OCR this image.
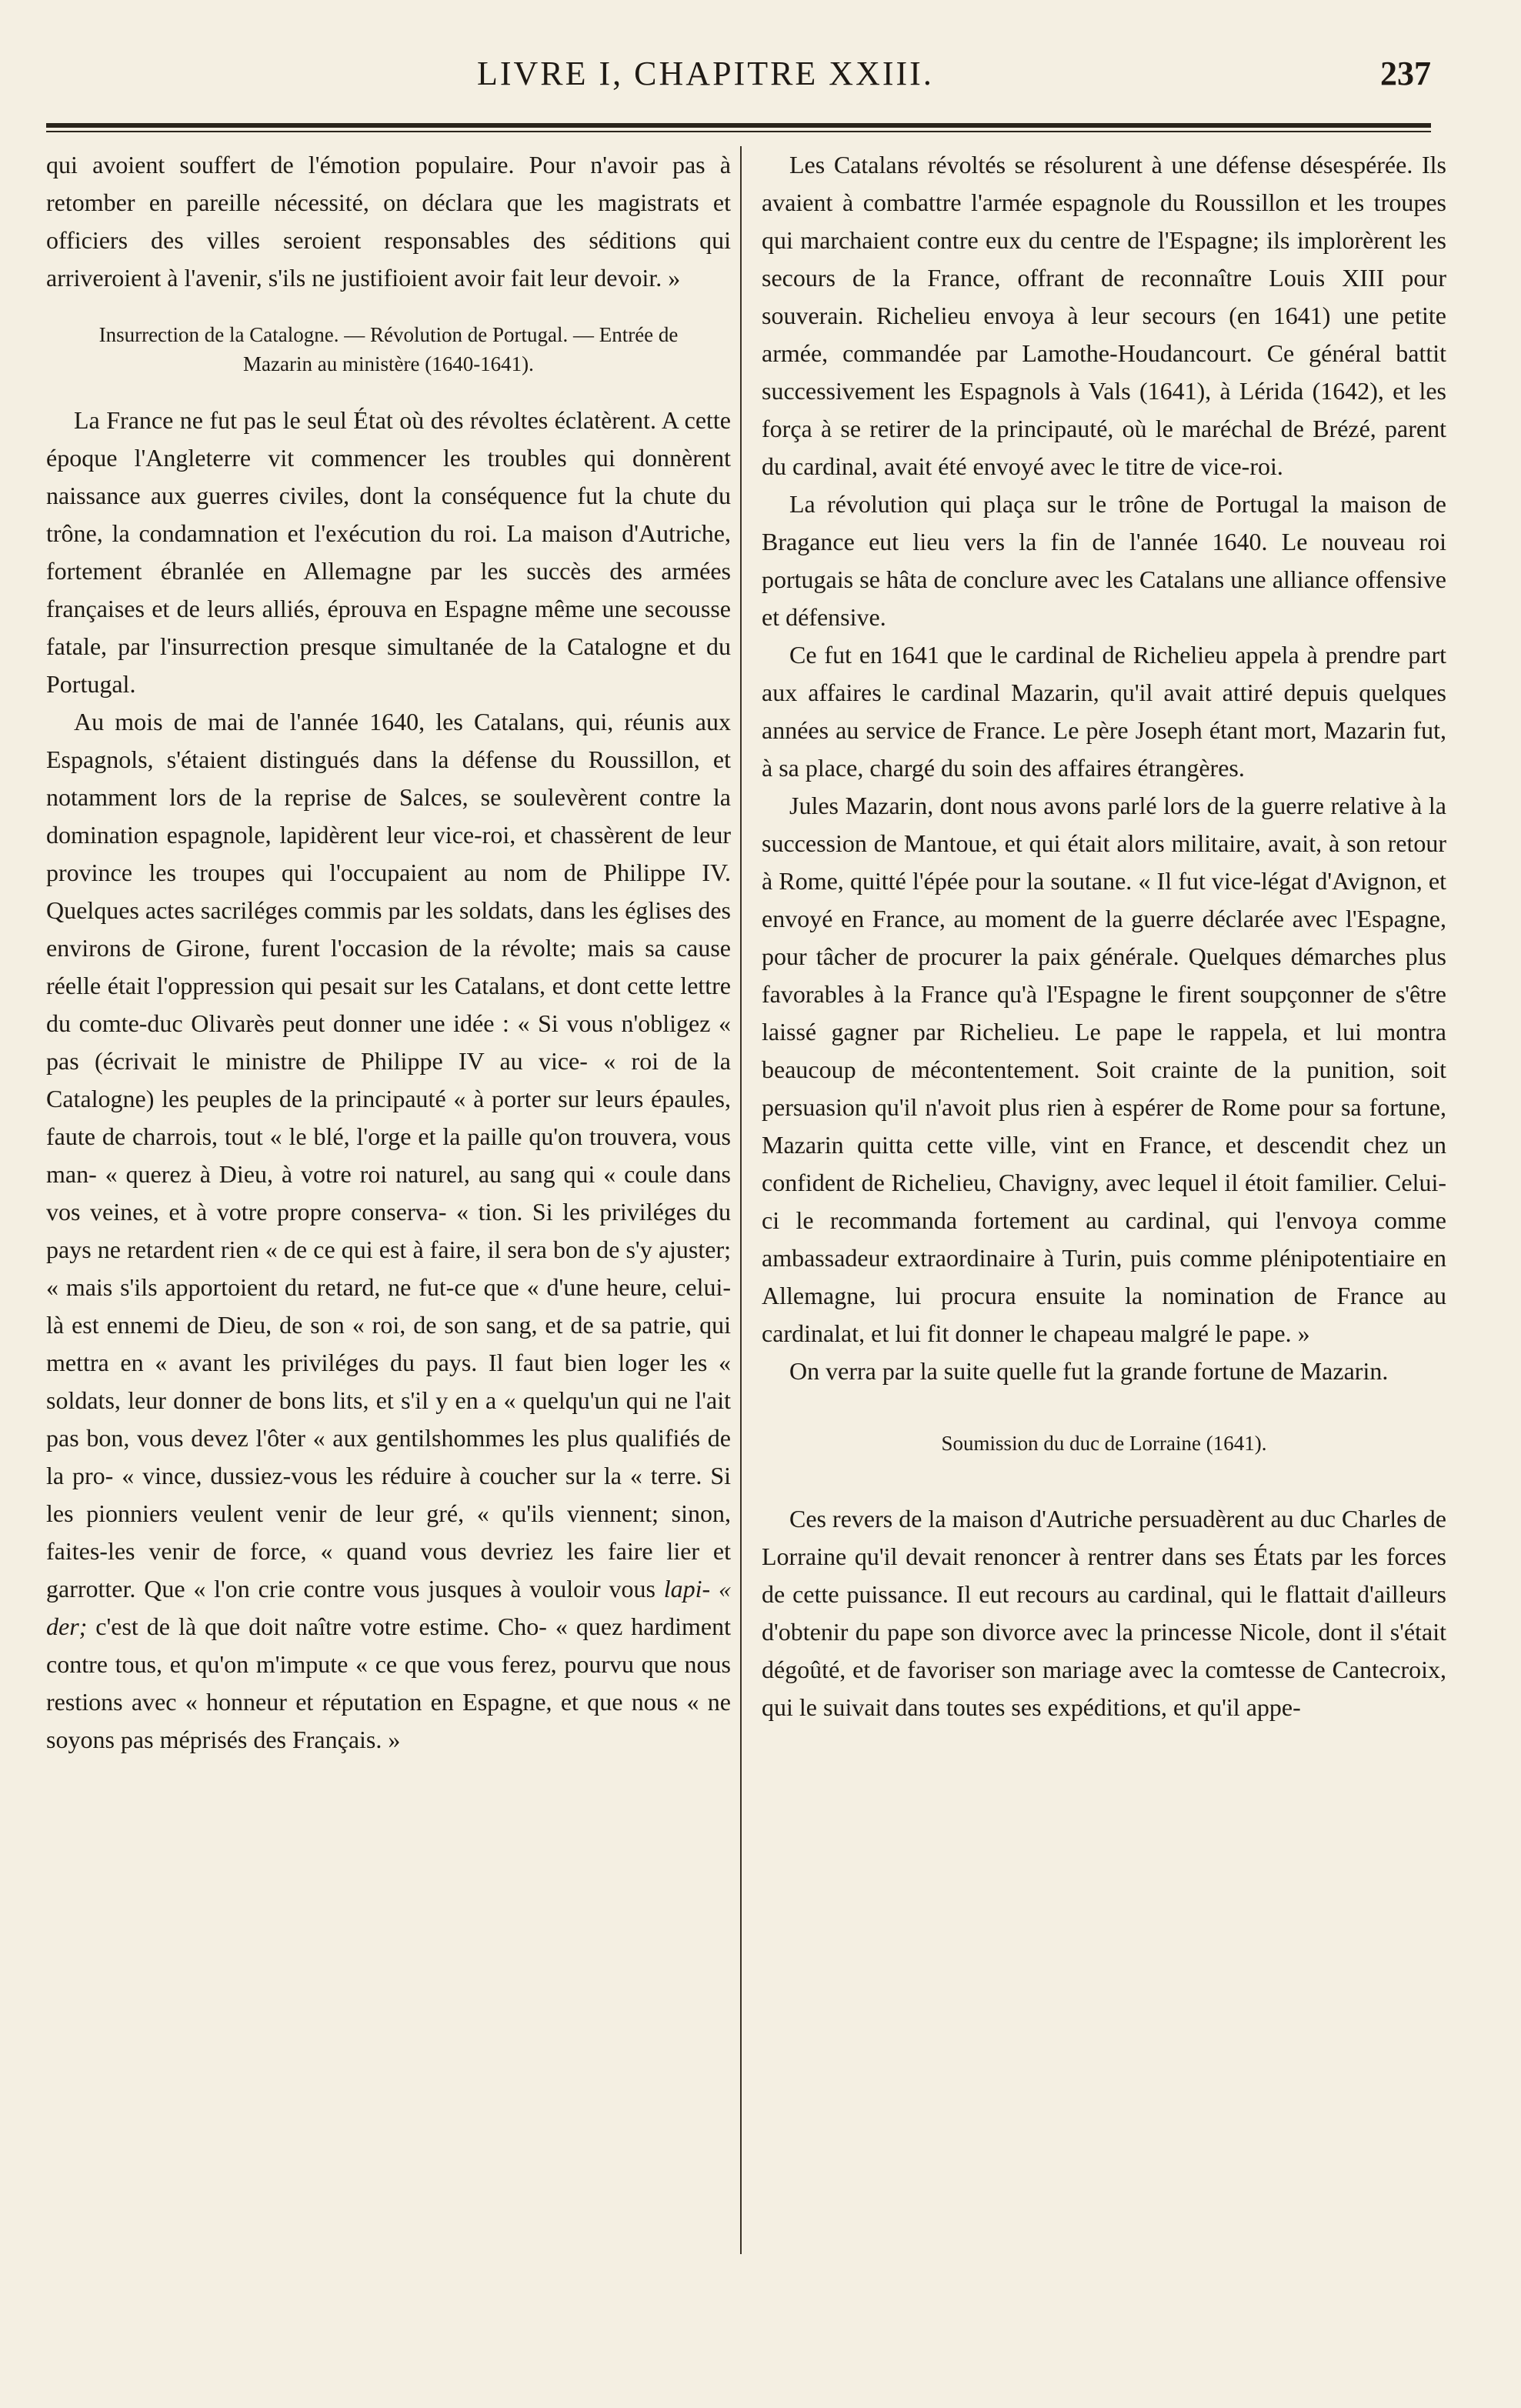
LIVRE I, CHAPITRE XXIII.	237

qui avoient souffert de l'émotion populaire. Pour n'avoir pas à retomber en pareille nécessité, on déclara que les magistrats et officiers des villes seroient responsables des séditions qui arriveroient à l'avenir, s'ils ne justifioient avoir fait leur devoir. »

Insurrection de la Catalogne. — Révolution de Portugal. — Entrée de Mazarin au ministère (1640-1641).

La France ne fut pas le seul État où des révoltes éclatèrent. A cette époque l'Angleterre vit commencer les troubles qui donnèrent naissance aux guerres civiles, dont la conséquence fut la chute du trône, la condamnation et l'exécution du roi. La maison d'Autriche, fortement ébranlée en Allemagne par les succès des armées françaises et de leurs alliés, éprouva en Espagne même une secousse fatale, par l'insurrection presque simultanée de la Catalogne et du Portugal.

Au mois de mai de l'année 1640, les Catalans, qui, réunis aux Espagnols, s'étaient distingués dans la défense du Roussillon, et notamment lors de la reprise de Salces, se soulevèrent contre la domination espagnole, lapidèrent leur vice-roi, et chassèrent de leur province les troupes qui l'occupaient au nom de Philippe IV. Quelques actes sacriléges commis par les soldats, dans les églises des environs de Girone, furent l'occasion de la révolte; mais sa cause réelle était l'oppression qui pesait sur les Catalans, et dont cette lettre du comte-duc Olivarès peut donner une idée : « Si vous n'obligez « pas (écrivait le ministre de Philippe IV au vice- « roi de la Catalogne) les peuples de la principauté « à porter sur leurs épaules, faute de charrois, tout « le blé, l'orge et la paille qu'on trouvera, vous man- « querez à Dieu, à votre roi naturel, au sang qui « coule dans vos veines, et à votre propre conserva- « tion. Si les priviléges du pays ne retardent rien « de ce qui est à faire, il sera bon de s'y ajuster; « mais s'ils apportoient du retard, ne fut-ce que « d'une heure, celui-là est ennemi de Dieu, de son « roi, de son sang, et de sa patrie, qui mettra en « avant les priviléges du pays. Il faut bien loger les « soldats, leur donner de bons lits, et s'il y en a « quelqu'un qui ne l'ait pas bon, vous devez l'ôter « aux gentilshommes les plus qualifiés de la pro- « vince, dussiez-vous les réduire à coucher sur la « terre. Si les pionniers veulent venir de leur gré, « qu'ils viennent; sinon, faites-les venir de force, « quand vous devriez les faire lier et garrotter. Que « l'on crie contre vous jusques à vouloir vous lapi- « der; c'est de là que doit naître votre estime. Cho- « quez hardiment contre tous, et qu'on m'impute « ce que vous ferez, pourvu que nous restions avec « honneur et réputation en Espagne, et que nous « ne soyons pas méprisés des Français. »

Les Catalans révoltés se résolurent à une défense désespérée. Ils avaient à combattre l'armée espagnole du Roussillon et les troupes qui marchaient contre eux du centre de l'Espagne; ils implorèrent les secours de la France, offrant de reconnaître Louis XIII pour souverain. Richelieu envoya à leur secours (en 1641) une petite armée, commandée par Lamothe-Houdancourt. Ce général battit successivement les Espagnols à Vals (1641), à Lérida (1642), et les força à se retirer de la principauté, où le maréchal de Brézé, parent du cardinal, avait été envoyé avec le titre de vice-roi.

La révolution qui plaça sur le trône de Portugal la maison de Bragance eut lieu vers la fin de l'année 1640. Le nouveau roi portugais se hâta de conclure avec les Catalans une alliance offensive et défensive.

Ce fut en 1641 que le cardinal de Richelieu appela à prendre part aux affaires le cardinal Mazarin, qu'il avait attiré depuis quelques années au service de France. Le père Joseph étant mort, Mazarin fut, à sa place, chargé du soin des affaires étrangères.

Jules Mazarin, dont nous avons parlé lors de la guerre relative à la succession de Mantoue, et qui était alors militaire, avait, à son retour à Rome, quitté l'épée pour la soutane. « Il fut vice-légat d'Avignon, et envoyé en France, au moment de la guerre déclarée avec l'Espagne, pour tâcher de procurer la paix générale. Quelques démarches plus favorables à la France qu'à l'Espagne le firent soupçonner de s'être laissé gagner par Richelieu. Le pape le rappela, et lui montra beaucoup de mécontentement. Soit crainte de la punition, soit persuasion qu'il n'avoit plus rien à espérer de Rome pour sa fortune, Mazarin quitta cette ville, vint en France, et descendit chez un confident de Richelieu, Chavigny, avec lequel il étoit familier. Celui-ci le recommanda fortement au cardinal, qui l'envoya comme ambassadeur extraordinaire à Turin, puis comme plénipotentiaire en Allemagne, lui procura ensuite la nomination de France au cardinalat, et lui fit donner le chapeau malgré le pape. »

On verra par la suite quelle fut la grande fortune de Mazarin.

Soumission du duc de Lorraine (1641).

Ces revers de la maison d'Autriche persuadèrent au duc Charles de Lorraine qu'il devait renoncer à rentrer dans ses États par les forces de cette puissance. Il eut recours au cardinal, qui le flattait d'ailleurs d'obtenir du pape son divorce avec la princesse Nicole, dont il s'était dégoûté, et de favoriser son mariage avec la comtesse de Cantecroix, qui le suivait dans toutes ses expéditions, et qu'il appe-
